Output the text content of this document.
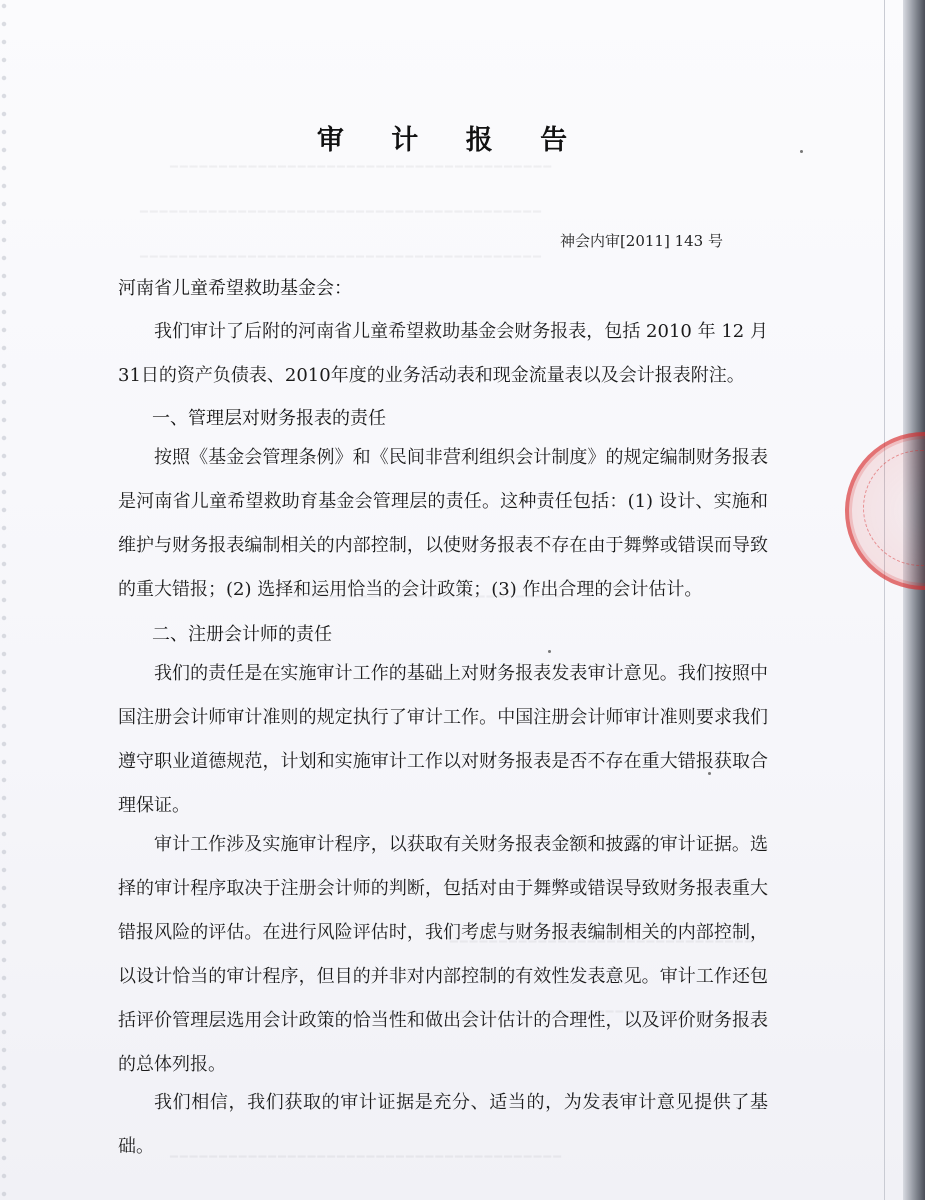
审 计 报 告
神会内审[2011] 143 号
河南省儿童希望救助基金会：
我们审计了后附的河南省儿童希望救助基金会财务报表，包括 2010 年 12 月31日的资产负债表、2010年度的业务活动表和现金流量表以及会计报表附注。
一、管理层对财务报表的责任
按照《基金会管理条例》和《民间非营利组织会计制度》的规定编制财务报表是河南省儿童希望救助育基金会管理层的责任。这种责任包括：(1) 设计、实施和维护与财务报表编制相关的内部控制，以使财务报表不存在由于舞弊或错误而导致的重大错报；(2) 选择和运用恰当的会计政策；(3) 作出合理的会计估计。
二、注册会计师的责任
我们的责任是在实施审计工作的基础上对财务报表发表审计意见。我们按照中国注册会计师审计准则的规定执行了审计工作。中国注册会计师审计准则要求我们遵守职业道德规范，计划和实施审计工作以对财务报表是否不存在重大错报获取合理保证。
审计工作涉及实施审计程序，以获取有关财务报表金额和披露的审计证据。选择的审计程序取决于注册会计师的判断，包括对由于舞弊或错误导致财务报表重大错报风险的评估。在进行风险评估时，我们考虑与财务报表编制相关的内部控制，以设计恰当的审计程序，但目的并非对内部控制的有效性发表意见。审计工作还包括评价管理层选用会计政策的恰当性和做出会计估计的合理性，以及评价财务报表的总体列报。
我们相信，我们获取的审计证据是充分、适当的，为发表审计意见提供了基础。
